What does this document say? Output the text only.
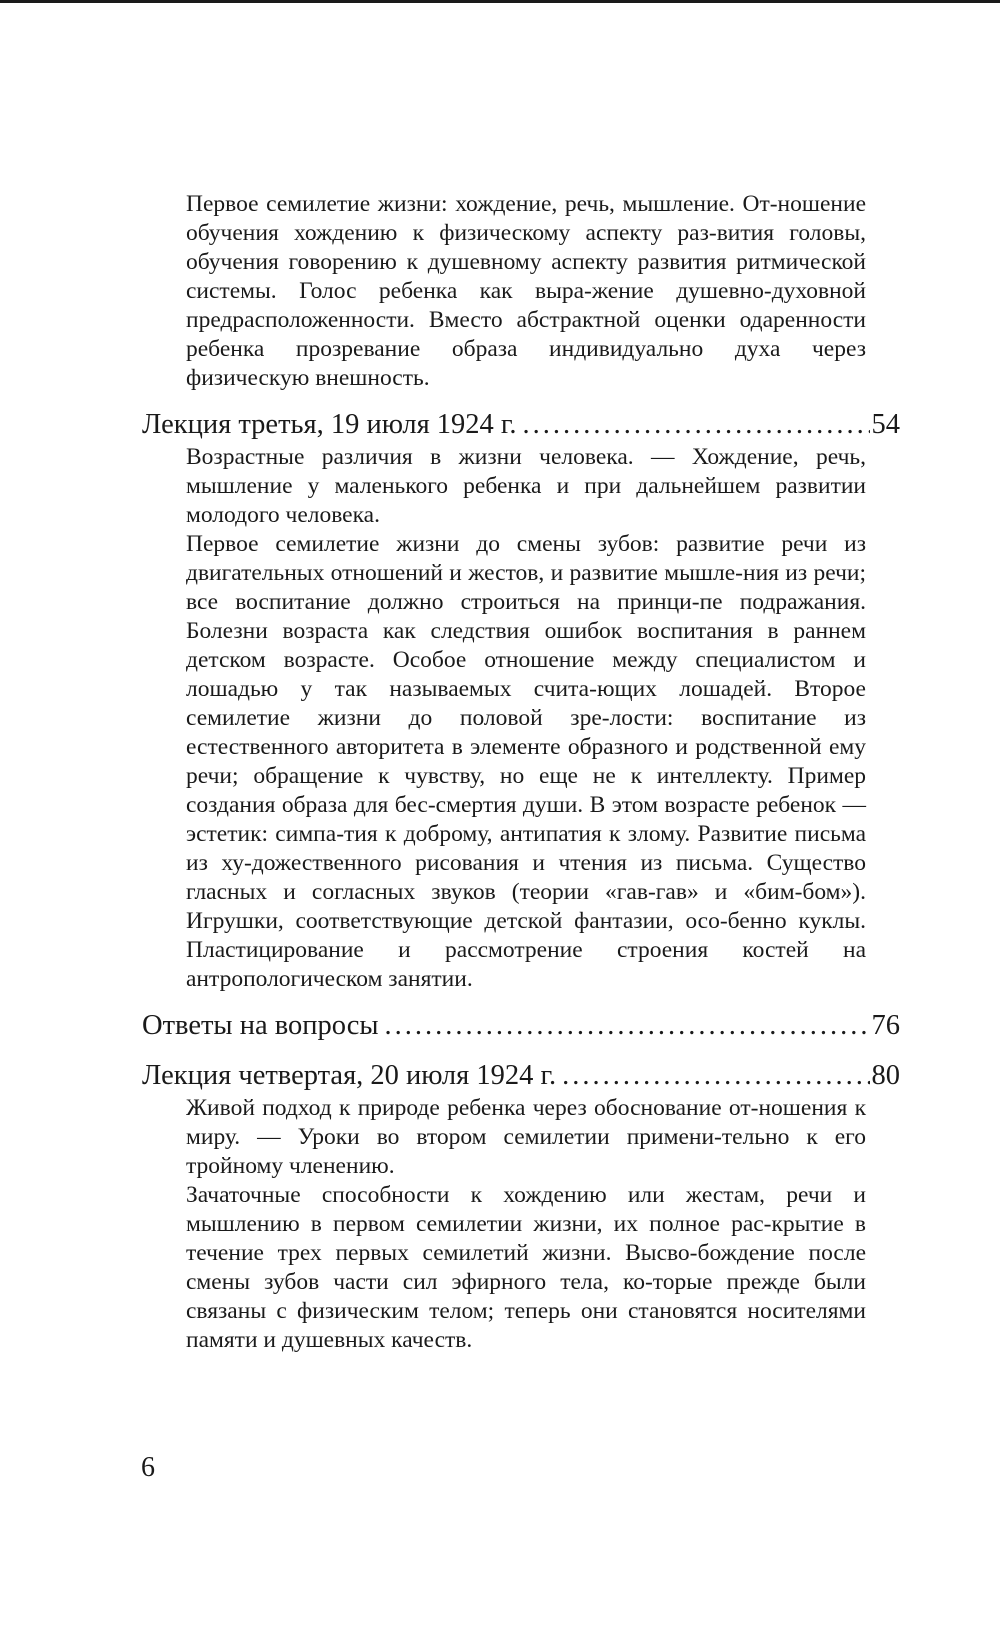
Первое семилетие жизни: хождение, речь, мышление. От-ношение обучения хождению к физическому аспекту раз-вития головы, обучения говорению к душевному аспекту развития ритмической системы. Голос ребенка как выра-жение душевно-духовной предрасположенности. Вместо абстрактной оценки одаренности ребенка прозревание образа индивидуально духа через физическую внешность.

Лекция третья, 19 июля 1924 г. .....	54

Возрастные различия в жизни человека. — Хождение, речь, мышление у маленького ребенка и при дальнейшем развитии молодого человека.

Первое семилетие жизни до смены зубов: развитие речи из двигательных отношений и жестов, и развитие мышле-ния из речи; все воспитание должно строиться на принци-пе подражания. Болезни возраста как следствия ошибок воспитания в раннем детском возрасте. Особое отношение между специалистом и лошадью у так называемых счита-ющих лошадей. Второе семилетие жизни до половой зре-лости: воспитание из естественного авторитета в элементе образного и родственной ему речи; обращение к чувству, но еще не к интеллекту. Пример создания образа для бес-смертия души. В этом возрасте ребенок — эстетик: симпа-тия к доброму, антипатия к злому. Развитие письма из ху-дожественного рисования и чтения из письма. Существо гласных и согласных звуков (теории «гав-гав» и «бим-бом»). Игрушки, соответствующие детской фантазии, осо-бенно куклы. Пластицирование и рассмотрение строения костей на антропологическом занятии.

Ответы на вопросы .....	76
Лекция четвертая, 20 июля 1924 г. .....	80

Живой подход к природе ребенка через обоснование от-ношения к миру. — Уроки во втором семилетии примени-тельно к его тройному членению.

Зачаточные способности к хождению или жестам, речи и мышлению в первом семилетии жизни, их полное рас-крытие в течение трех первых семилетий жизни. Высво-бождение после смены зубов части сил эфирного тела, ко-торые прежде были связаны с физическим телом; теперь они становятся носителями памяти и душевных качеств.

6
